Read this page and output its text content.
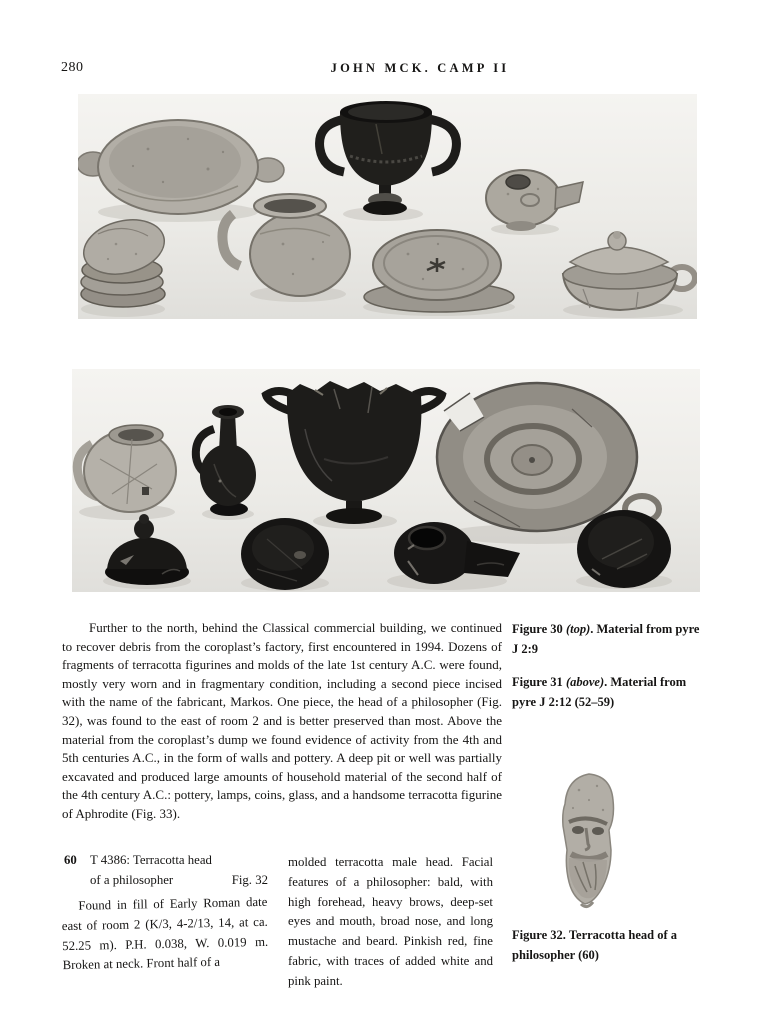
280	JOHN MCK. CAMP II
Further to the north, behind the Classical commercial building, we continued to recover debris from the coroplast’s factory, first encountered in 1994. Dozens of fragments of terracotta figurines and molds of the late 1st century A.C. were found, mostly very worn and in fragmentary condition, including a second piece incised with the name of the fabricant, Markos. One piece, the head of a philosopher (Fig. 32), was found to the east of room 2 and is better preserved than most. Above the material from the coroplast’s dump we found evidence of activity from the 4th and 5th centuries A.C., in the form of walls and pottery. A deep pit or well was partially excavated and produced large amounts of household material of the second half of the 4th century A.C.: pottery, lamps, coins, glass, and a handsome terracotta figurine of Aphrodite (Fig. 33).
Figure 30 (top). Material from pyre J 2:9
Figure 31 (above). Material from pyre J 2:12 (52–59)
Figure 32. Terracotta head of a philosopher (60)
60 T 4386: Terracotta head
of a philosopher	Fig. 32
Found in fill of Early Roman date east of room 2 (K/3, 4-2/13, 14, at ca. 52.25 m). P.H. 0.038, W. 0.019 m. Broken at neck. Front half of a
molded terracotta male head. Facial features of a philosopher: bald, with high forehead, heavy brows, deep-set eyes and mouth, broad nose, and long mustache and beard. Pinkish red, fine fabric, with traces of added white and pink paint.
